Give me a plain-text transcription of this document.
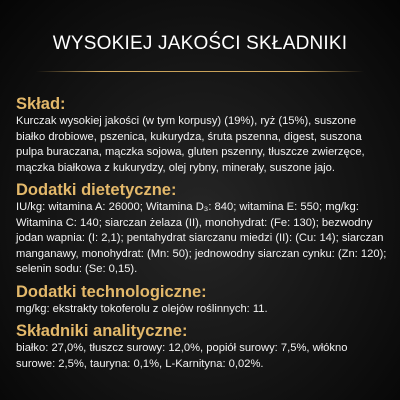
WYSOKIEJ JAKOŚCI SKŁADNIKI
Skład:

Kurczak wysokiej jakości (w tym korpusy) (19%), ryż (15%), suszone białko drobiowe, pszenica, kukurydza, śruta pszenna, digest, suszona pulpa buraczana, mączka sojowa, gluten pszenny, tłuszcze zwierzęce, mączka białkowa z kukurydzy, olej rybny, minerały, suszone jajo.

Dodatki dietetyczne:

IU/kg: witamina A: 26000; Witamina D₃: 840; witamina E: 550; mg/kg: Witamina C: 140; siarczan żelaza (II), monohydrat: (Fe: 130); bezwodny jodan wapnia: (I: 2,1); pentahydrat siarczanu miedzi (II): (Cu: 14); siarczan manganawy, monohydrat: (Mn: 50); jednowodny siarczan cynku: (Zn: 120); selenin sodu: (Se: 0,15).

Dodatki technologiczne:

mg/kg: ekstrakty tokoferolu z olejów roślinnych: 11.

Składniki analityczne:

białko: 27,0%, tłuszcz surowy: 12,0%, popiół surowy: 7,5%, włókno surowe: 2,5%, tauryna: 0,1%, L-Karnityna: 0,02%.
